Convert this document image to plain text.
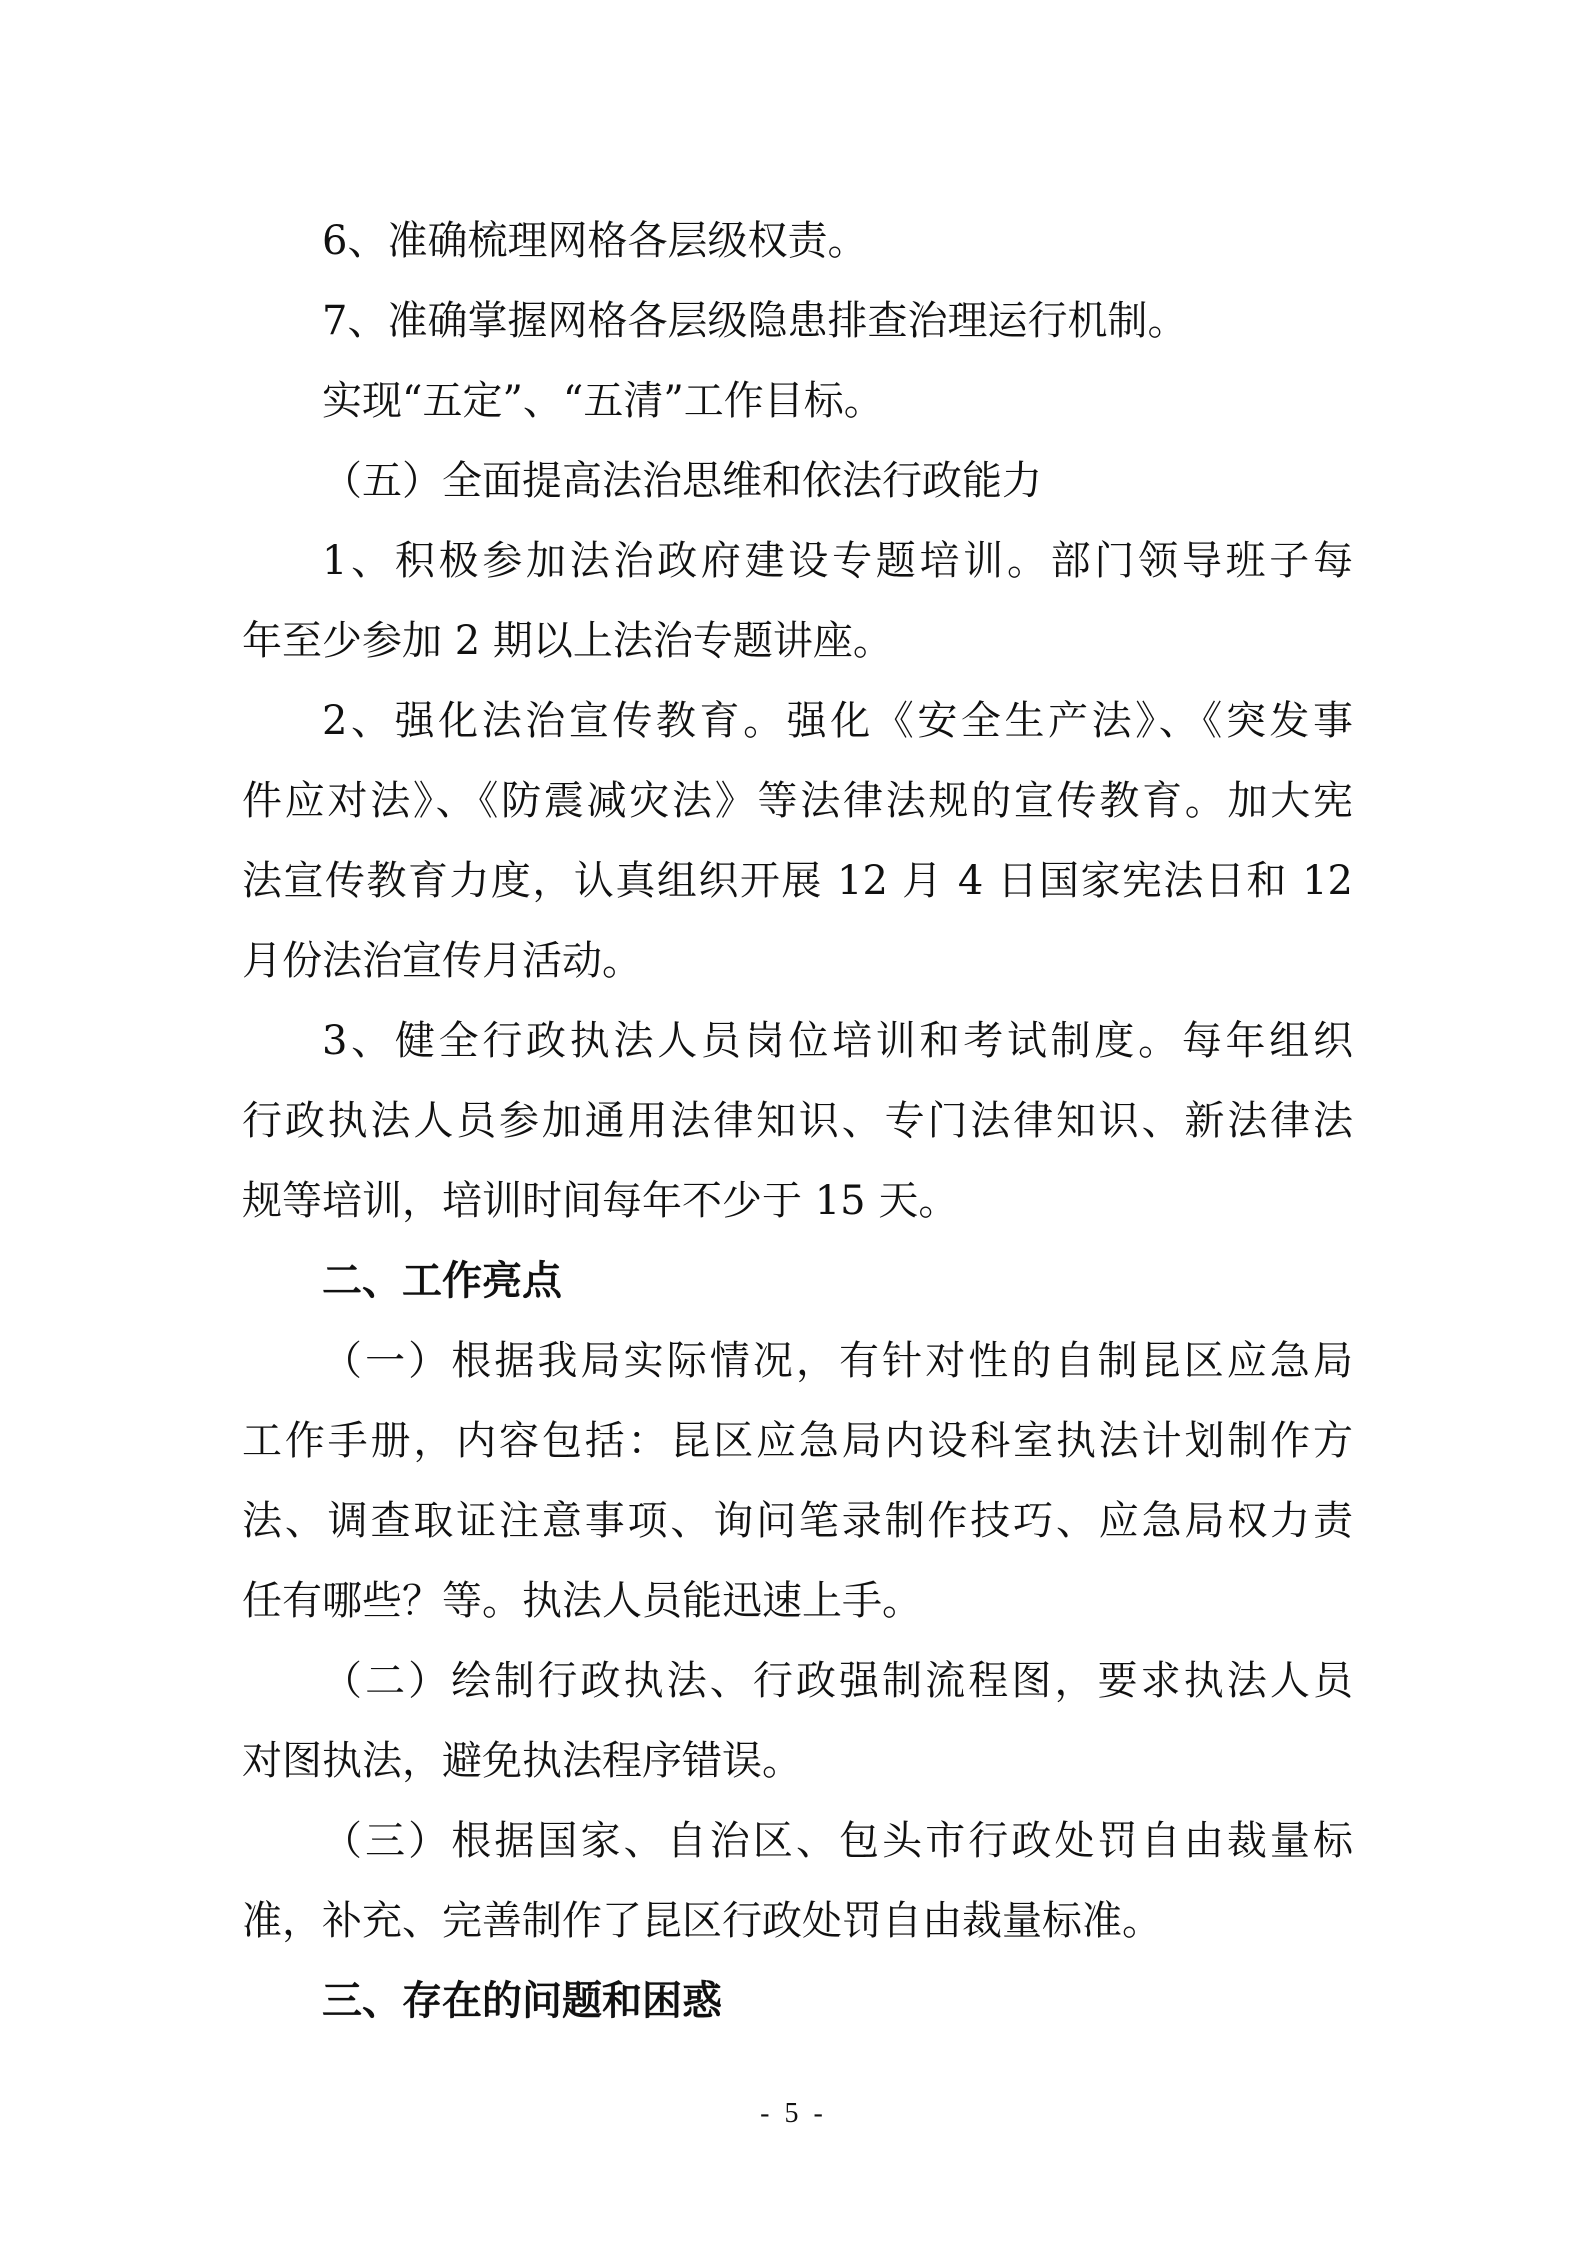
6、准确梳理网格各层级权责。
7、准确掌握网格各层级隐患排查治理运行机制。
实现“五定”、“五清”工作目标。
（五）全面提高法治思维和依法行政能力
1、积极参加法治政府建设专题培训。部门领导班子每
年至少参加 2 期以上法治专题讲座。
2、强化法治宣传教育。强化《安全生产法》、《突发事
件应对法》、《防震减灾法》等法律法规的宣传教育。加大宪
法宣传教育力度，认真组织开展 12 月 4 日国家宪法日和 12
月份法治宣传月活动。
3、健全行政执法人员岗位培训和考试制度。每年组织
行政执法人员参加通用法律知识、专门法律知识、新法律法
规等培训，培训时间每年不少于 15 天。
二、工作亮点
（一）根据我局实际情况，有针对性的自制昆区应急局
工作手册，内容包括：昆区应急局内设科室执法计划制作方
法、调查取证注意事项、询问笔录制作技巧、应急局权力责
任有哪些？等。执法人员能迅速上手。
（二）绘制行政执法、行政强制流程图，要求执法人员
对图执法，避免执法程序错误。
（三）根据国家、自治区、包头市行政处罚自由裁量标
准，补充、完善制作了昆区行政处罚自由裁量标准。
三、存在的问题和困惑
- 5 -
